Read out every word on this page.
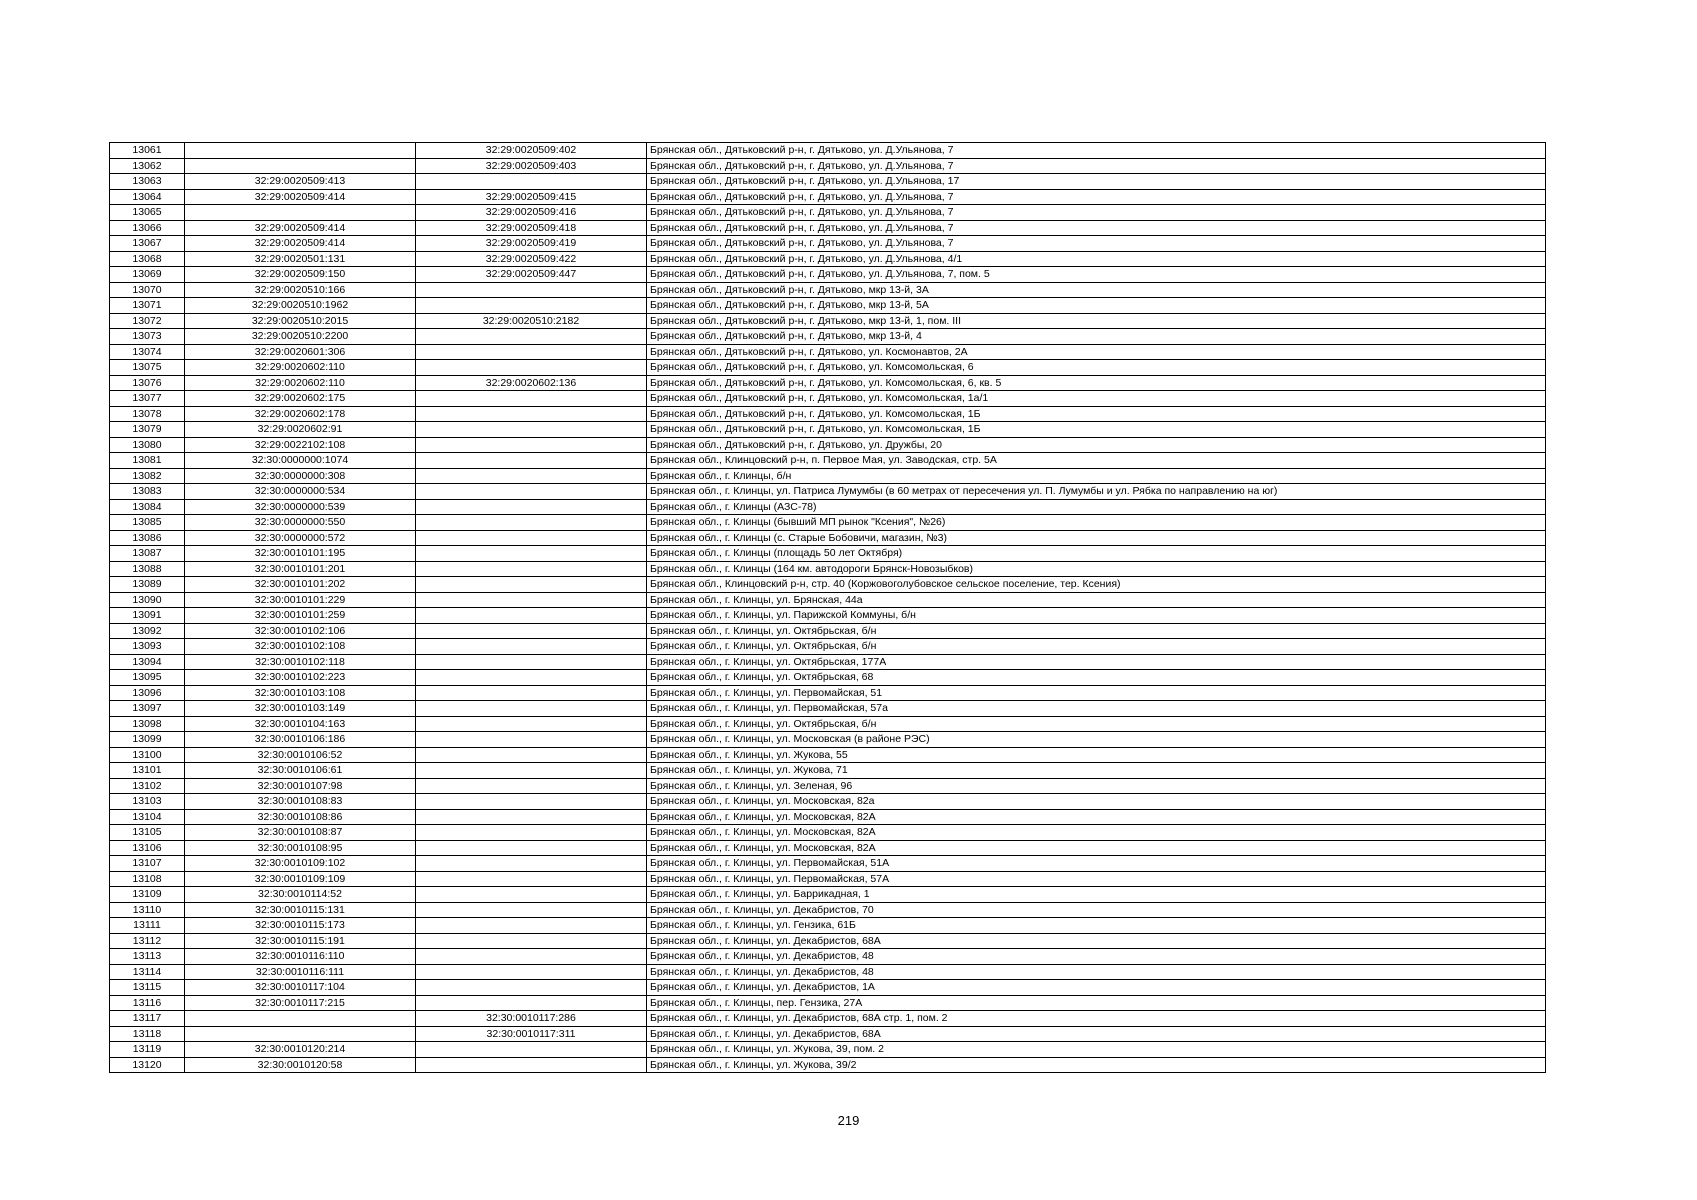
13061		32:29:0020509:402	Брянская обл., Дятьковский р-н, г. Дятьково, ул. Д.Ульянова, 7
13062		32:29:0020509:403	Брянская обл., Дятьковский р-н, г. Дятьково, ул. Д.Ульянова, 7
13063	32:29:0020509:413		Брянская обл., Дятьковский р-н, г. Дятьково, ул. Д.Ульянова, 17
13064	32:29:0020509:414	32:29:0020509:415	Брянская обл., Дятьковский р-н, г. Дятьково, ул. Д.Ульянова, 7
13065		32:29:0020509:416	Брянская обл., Дятьковский р-н, г. Дятьково, ул. Д.Ульянова, 7
13066	32:29:0020509:414	32:29:0020509:418	Брянская обл., Дятьковский р-н, г. Дятьково, ул. Д.Ульянова, 7
13067	32:29:0020509:414	32:29:0020509:419	Брянская обл., Дятьковский р-н, г. Дятьково, ул. Д.Ульянова, 7
13068	32:29:0020501:131	32:29:0020509:422	Брянская обл., Дятьковский р-н, г. Дятьково, ул. Д.Ульянова, 4/1
13069	32:29:0020509:150	32:29:0020509:447	Брянская обл., Дятьковский р-н, г. Дятьково, ул. Д.Ульянова, 7, пом. 5
13070	32:29:0020510:166		Брянская обл., Дятьковский р-н, г. Дятьково, мкр 13-й, 3А
13071	32:29:0020510:1962		Брянская обл., Дятьковский р-н, г. Дятьково, мкр 13-й, 5А
13072	32:29:0020510:2015	32:29:0020510:2182	Брянская обл., Дятьковский р-н, г. Дятьково, мкр 13-й, 1, пом. III
13073	32:29:0020510:2200		Брянская обл., Дятьковский р-н, г. Дятьково, мкр 13-й, 4
13074	32:29:0020601:306		Брянская обл., Дятьковский р-н, г. Дятьково, ул. Космонавтов, 2А
13075	32:29:0020602:110		Брянская обл., Дятьковский р-н, г. Дятьково, ул. Комсомольская, 6
13076	32:29:0020602:110	32:29:0020602:136	Брянская обл., Дятьковский р-н, г. Дятьково, ул. Комсомольская, 6, кв. 5
13077	32:29:0020602:175		Брянская обл., Дятьковский р-н, г. Дятьково, ул. Комсомольская, 1а/1
13078	32:29:0020602:178		Брянская обл., Дятьковский р-н, г. Дятьково, ул. Комсомольская, 1Б
13079	32:29:0020602:91		Брянская обл., Дятьковский р-н, г. Дятьково, ул. Комсомольская, 1Б
13080	32:29:0022102:108		Брянская обл., Дятьковский р-н, г. Дятьково, ул. Дружбы, 20
13081	32:30:0000000:1074		Брянская обл., Клинцовский р-н, п. Первое Мая, ул. Заводская, стр. 5А
13082	32:30:0000000:308		Брянская обл., г. Клинцы, б/н
13083	32:30:0000000:534		Брянская обл., г. Клинцы, ул. Патриса Лумумбы (в 60 метрах от пересечения ул. П. Лумумбы и ул. Рябка по направлению на юг)
13084	32:30:0000000:539		Брянская обл., г. Клинцы (АЗС-78)
13085	32:30:0000000:550		Брянская обл., г. Клинцы (бывший МП рынок "Ксения", №26)
13086	32:30:0000000:572		Брянская обл., г. Клинцы (с. Старые Бобовичи, магазин, №3)
13087	32:30:0010101:195		Брянская обл., г. Клинцы (площадь 50 лет Октября)
13088	32:30:0010101:201		Брянская обл., г. Клинцы (164 км. автодороги Брянск-Новозыбков)
13089	32:30:0010101:202		Брянская обл., Клинцовский р-н, стр. 40 (Коржовоголубовское сельское поселение, тер. Ксения)
13090	32:30:0010101:229		Брянская обл., г. Клинцы, ул. Брянская, 44а
13091	32:30:0010101:259		Брянская обл., г. Клинцы, ул. Парижской Коммуны, б/н
13092	32:30:0010102:106		Брянская обл., г. Клинцы, ул. Октябрьская, б/н
13093	32:30:0010102:108		Брянская обл., г. Клинцы, ул. Октябрьская, б/н
13094	32:30:0010102:118		Брянская обл., г. Клинцы, ул. Октябрьская, 177А
13095	32:30:0010102:223		Брянская обл., г. Клинцы, ул. Октябрьская, 68
13096	32:30:0010103:108		Брянская обл., г. Клинцы, ул. Первомайская, 51
13097	32:30:0010103:149		Брянская обл., г. Клинцы, ул. Первомайская, 57а
13098	32:30:0010104:163		Брянская обл., г. Клинцы, ул. Октябрьская, б/н
13099	32:30:0010106:186		Брянская обл., г. Клинцы, ул. Московская (в районе РЭС)
13100	32:30:0010106:52		Брянская обл., г. Клинцы, ул. Жукова, 55
13101	32:30:0010106:61		Брянская обл., г. Клинцы, ул. Жукова, 71
13102	32:30:0010107:98		Брянская обл., г. Клинцы, ул. Зеленая, 96
13103	32:30:0010108:83		Брянская обл., г. Клинцы, ул. Московская, 82а
13104	32:30:0010108:86		Брянская обл., г. Клинцы, ул. Московская, 82А
13105	32:30:0010108:87		Брянская обл., г. Клинцы, ул. Московская, 82А
13106	32:30:0010108:95		Брянская обл., г. Клинцы, ул. Московская, 82А
13107	32:30:0010109:102		Брянская обл., г. Клинцы, ул. Первомайская, 51А
13108	32:30:0010109:109		Брянская обл., г. Клинцы, ул. Первомайская, 57А
13109	32:30:0010114:52		Брянская обл., г. Клинцы, ул. Баррикадная, 1
13110	32:30:0010115:131		Брянская обл., г. Клинцы, ул. Декабристов, 70
13111	32:30:0010115:173		Брянская обл., г. Клинцы, ул. Гензика, 61Б
13112	32:30:0010115:191		Брянская обл., г. Клинцы, ул. Декабристов, 68А
13113	32:30:0010116:110		Брянская обл., г. Клинцы, ул. Декабристов, 48
13114	32:30:0010116:111		Брянская обл., г. Клинцы, ул. Декабристов, 48
13115	32:30:0010117:104		Брянская обл., г. Клинцы, ул. Декабристов, 1А
13116	32:30:0010117:215		Брянская обл., г. Клинцы, пер. Гензика, 27А
13117		32:30:0010117:286	Брянская обл., г. Клинцы, ул. Декабристов, 68А стр. 1, пом. 2
13118		32:30:0010117:311	Брянская обл., г. Клинцы, ул. Декабристов, 68А
13119	32:30:0010120:214		Брянская обл., г. Клинцы, ул. Жукова, 39, пом. 2
13120	32:30:0010120:58		Брянская обл., г. Клинцы, ул. Жукова, 39/2
219
